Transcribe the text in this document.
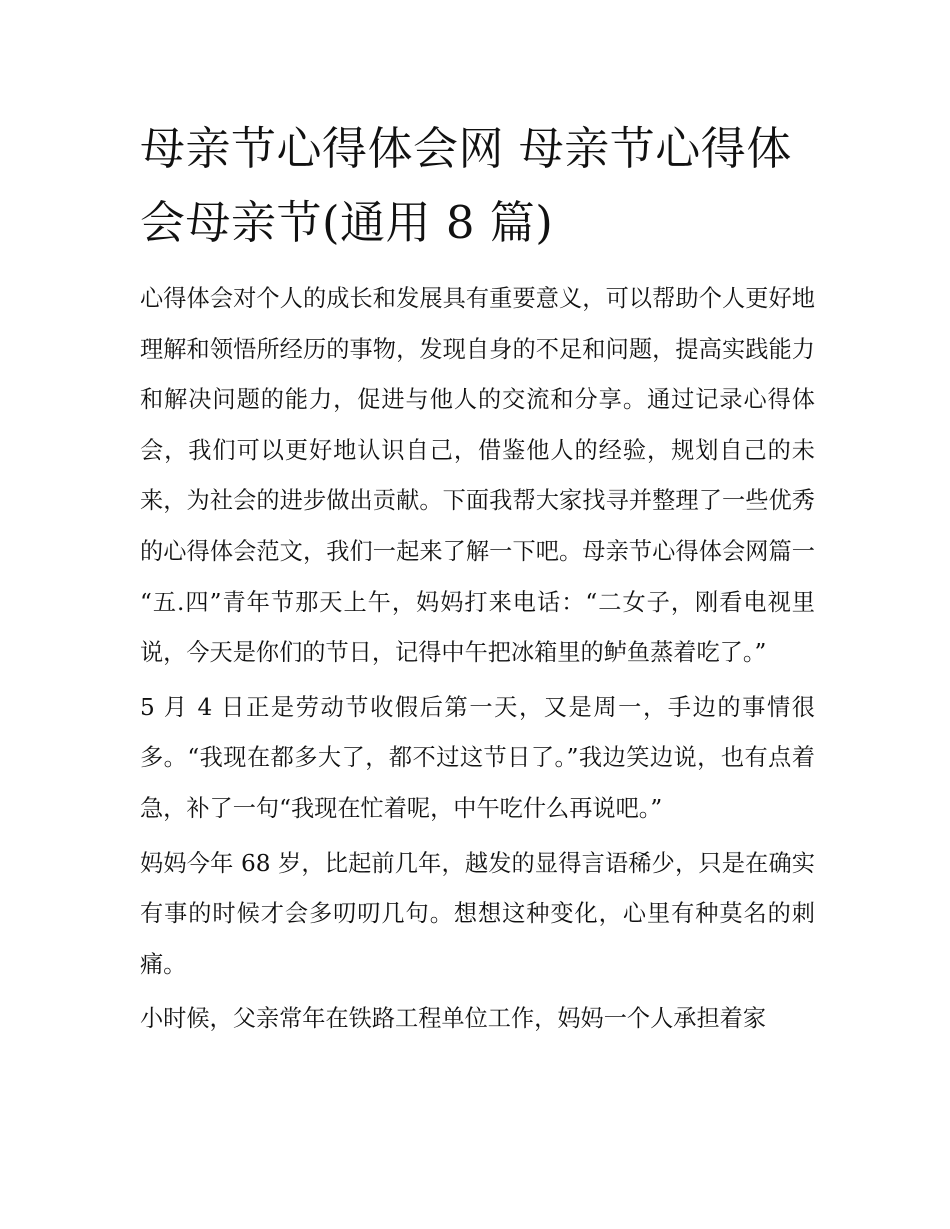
母亲节心得体会网 母亲节心得体会母亲节(通用 8 篇)

心得体会对个人的成长和发展具有重要意义，可以帮助个人更好地理解和领悟所经历的事物，发现自身的不足和问题，提高实践能力和解决问题的能力，促进与他人的交流和分享。通过记录心得体会，我们可以更好地认识自己，借鉴他人的经验，规划自己的未来，为社会的进步做出贡献。下面我帮大家找寻并整理了一些优秀的心得体会范文，我们一起来了解一下吧。母亲节心得体会网篇一 “五.四”青年节那天上午，妈妈打来电话：“二女子，刚看电视里说，今天是你们的节日，记得中午把冰箱里的鲈鱼蒸着吃了。”

5 月 4 日正是劳动节收假后第一天，又是周一，手边的事情很多。“我现在都多大了，都不过这节日了。”我边笑边说，也有点着急，补了一句“我现在忙着呢，中午吃什么再说吧。”

妈妈今年 68 岁，比起前几年，越发的显得言语稀少，只是在确实有事的时候才会多叨叨几句。想想这种变化，心里有种莫名的刺痛。

小时候，父亲常年在铁路工程单位工作，妈妈一个人承担着家
